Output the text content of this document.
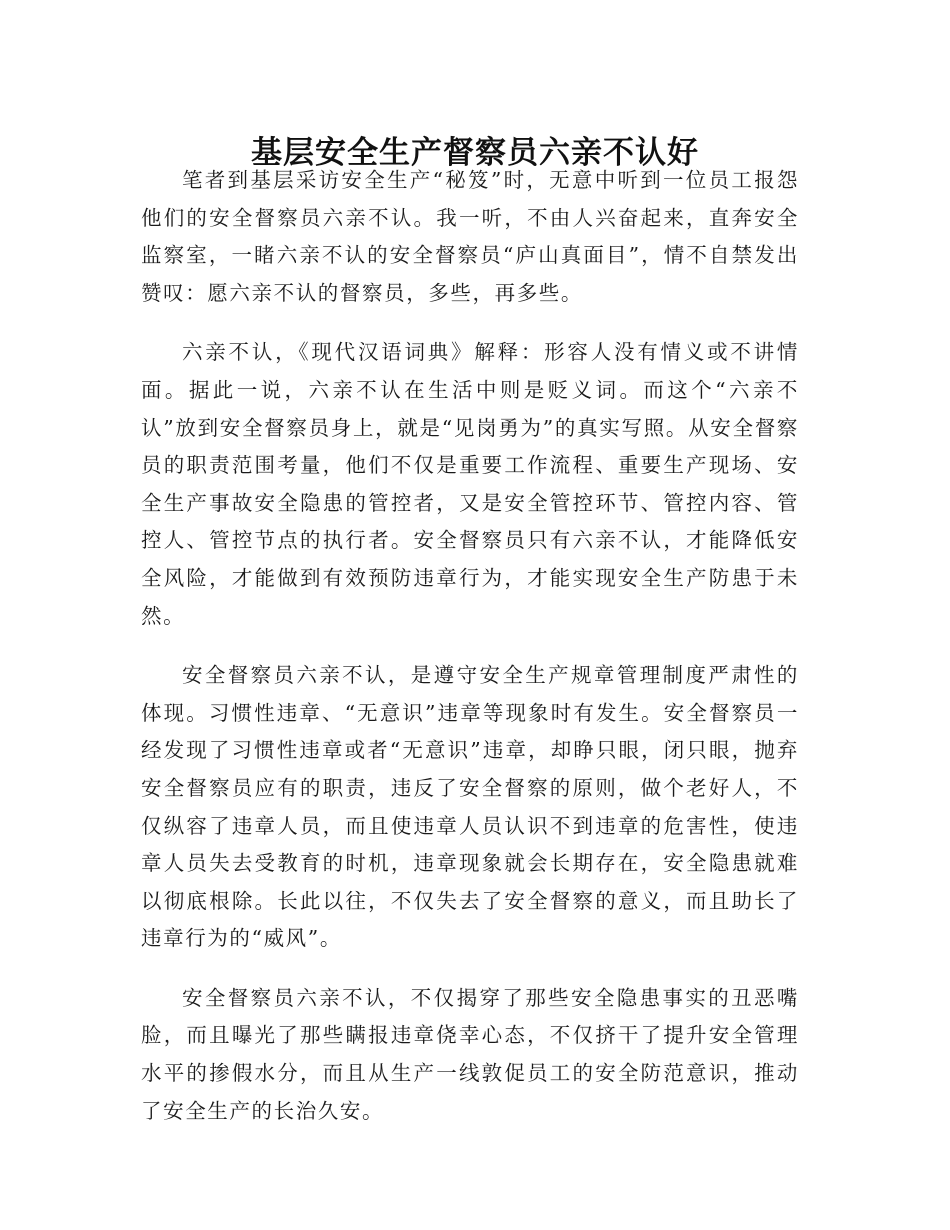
基层安全生产督察员六亲不认好

笔者到基层采访安全生产“秘笈”时，无意中听到一位员工报怨他们的安全督察员六亲不认。我一听，不由人兴奋起来，直奔安全监察室，一睹六亲不认的安全督察员“庐山真面目”，情不自禁发出赞叹：愿六亲不认的督察员，多些，再多些。

六亲不认，《现代汉语词典》解释：形容人没有情义或不讲情面。据此一说，六亲不认在生活中则是贬义词。而这个“六亲不认”放到安全督察员身上，就是“见岗勇为”的真实写照。从安全督察员的职责范围考量，他们不仅是重要工作流程、重要生产现场、安全生产事故安全隐患的管控者，又是安全管控环节、管控内容、管控人、管控节点的执行者。安全督察员只有六亲不认，才能降低安全风险，才能做到有效预防违章行为，才能实现安全生产防患于未然。

安全督察员六亲不认，是遵守安全生产规章管理制度严肃性的体现。习惯性违章、“无意识”违章等现象时有发生。安全督察员一经发现了习惯性违章或者“无意识”违章，却睁只眼，闭只眼，抛弃安全督察员应有的职责，违反了安全督察的原则，做个老好人，不仅纵容了违章人员，而且使违章人员认识不到违章的危害性，使违章人员失去受教育的时机，违章现象就会长期存在，安全隐患就难以彻底根除。长此以往，不仅失去了安全督察的意义，而且助长了违章行为的“威风”。

安全督察员六亲不认，不仅揭穿了那些安全隐患事实的丑恶嘴脸，而且曝光了那些瞒报违章侥幸心态，不仅挤干了提升安全管理水平的掺假水分，而且从生产一线敦促员工的安全防范意识，推动了安全生产的长治久安。
